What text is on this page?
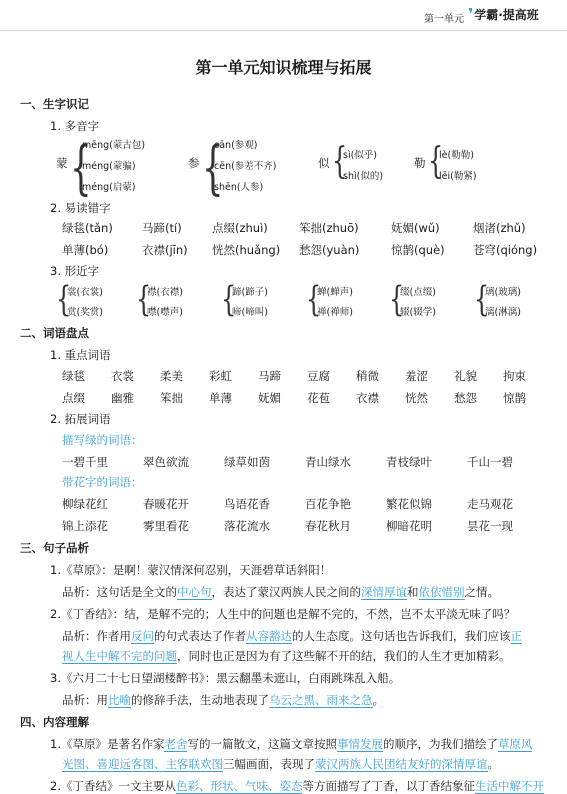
第一单元 ❜学霸·提高班
第一单元知识梳理与拓展
一、生字识记
1. 多音字
蒙 {
mēng(蒙古包)
méng(蒙骗)
méng(启蒙)
参 {
cān(参观)
cēn(参差不齐)
shēn(人参)
似 {
sì(似乎)
shì(似的)
勒 {
lè(勒勒)
lēi(勒紧)
2. 易读错字
绿毯(tǎn)	马蹄(tí)	点缀(zhuì)	笨拙(zhuō)	妩媚(wǔ)	烟渚(zhǔ)
单薄(bó)	衣襟(jīn)	恍然(huǎng)	愁怨(yuàn)	惊鹊(què)	苍穹(qióng)
3. 形近字
{
裳(衣裳)
赏(奖赏) {
襟(衣襟)
噤(噤声) {
蹄(蹄子)
啼(啼叫) {
蝉(蝉声)
禅(禅师) {
缀(点缀)
辍(辍学) {
璃(玻璃)
漓(淋漓)
二、词语盘点
1. 重点词语
绿毯	衣裳	柔美	彩虹	马蹄	豆腐	稍微	羞涩	礼貌	拘束
点缀	幽雅	笨拙	单薄	妩媚	花苞	衣襟	恍然	愁怨	惊鹊
2. 拓展词语
描写绿的词语：
一碧千里	翠色欲流	绿草如茵	青山绿水	青枝绿叶	千山一碧
带花字的词语：
柳绿花红	春暖花开	鸟语花香	百花争艳	繁花似锦	走马观花
锦上添花	雾里看花	落花流水	春花秋月	柳暗花明	昙花一现
三、句子品析
1.《草原》：是啊！蒙汉情深何忍别，天涯碧草话斜阳！
品析：这句话是全文的中心句，表达了蒙汉两族人民之间的深情厚谊和依依惜别之情。
2.《丁香结》：结，是解不完的；人生中的问题也是解不完的，不然，岂不太平淡无味了吗？
品析：作者用反问的句式表达了作者从容豁达的人生态度。这句话也告诉我们，我们应该正
视人生中解不完的问题，同时也正是因为有了这些解不开的结，我们的人生才更加精彩。
3.《六月二十七日望湖楼醉书》：黑云翻墨未遮山，白雨跳珠乱入船。
品析：用比喻的修辞手法，生动地表现了乌云之黑、雨来之急。
四、内容理解
1.《草原》是著名作家老舍写的一篇散文，这篇文章按照事情发展的顺序，为我们描绘了草原风
光图、喜迎远客图、主客联欢图三幅画面，表现了蒙汉两族人民团结友好的深情厚谊。
2.《丁香结》一文主要从色彩、形状、气味、姿态等方面描写了丁香，以丁香结象征生活中解不开
